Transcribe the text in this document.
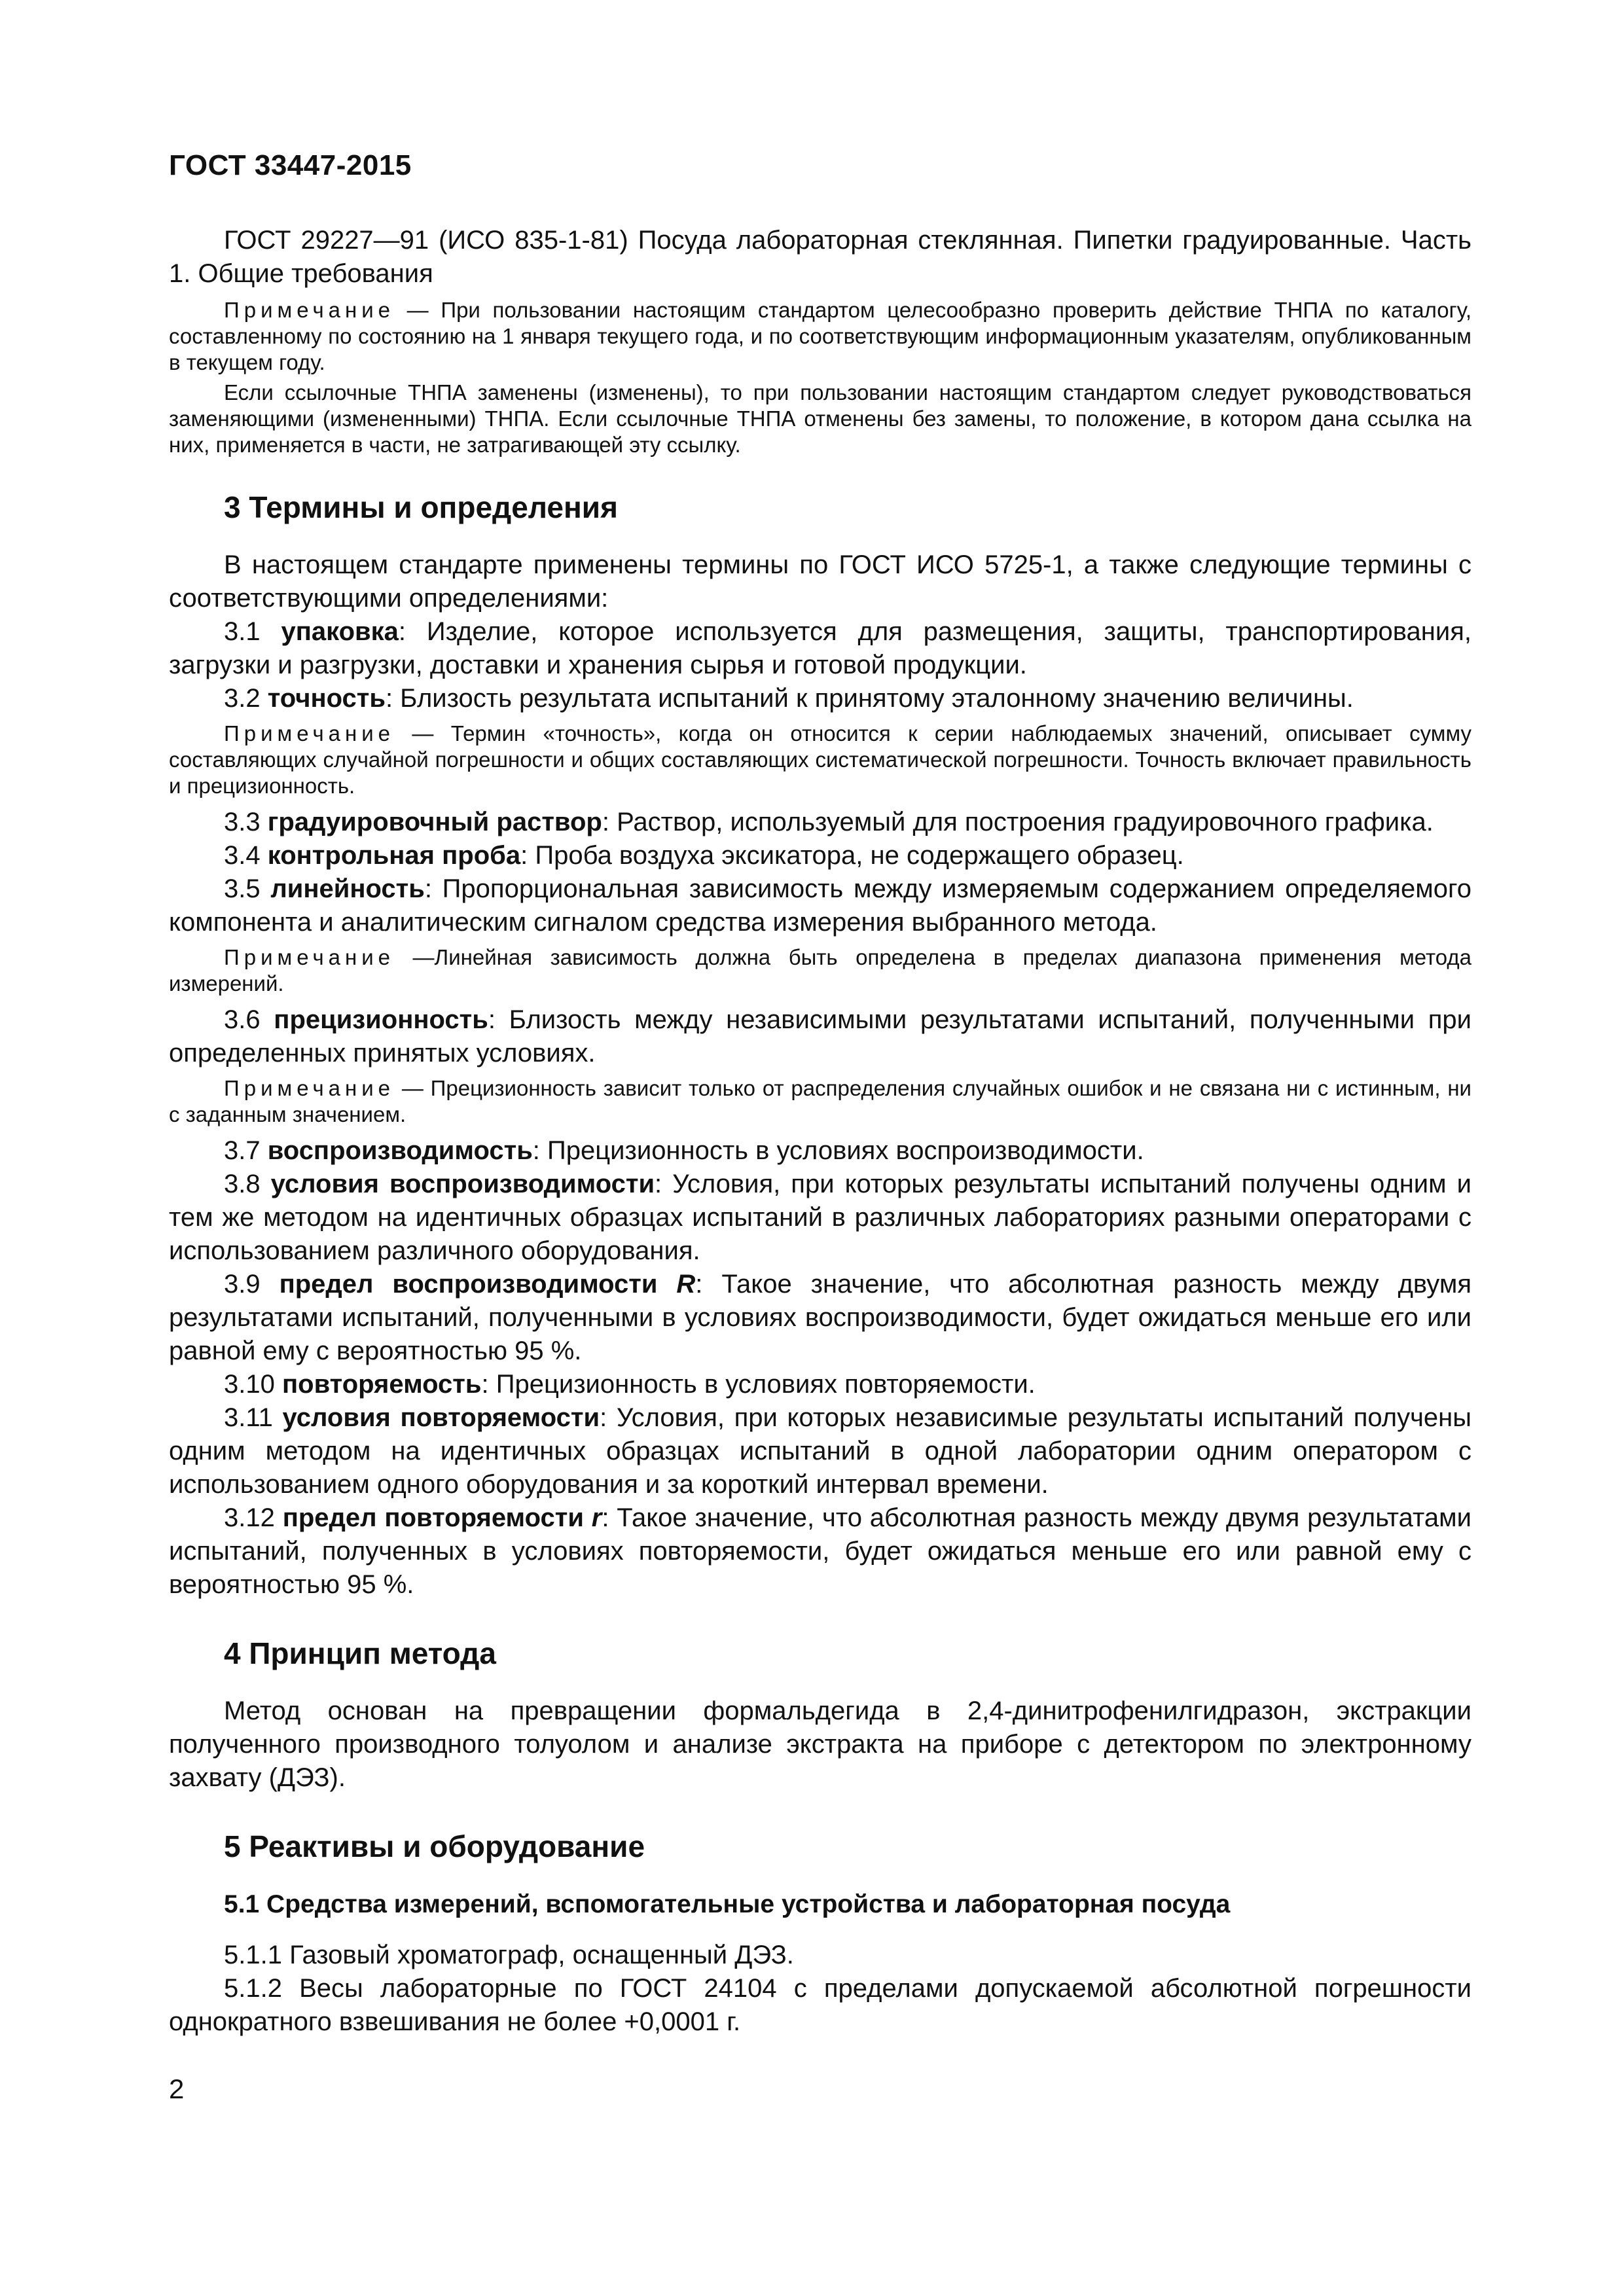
ГОСТ 33447-2015

ГОСТ 29227—91 (ИСО 835-1-81) Посуда лабораторная стеклянная. Пипетки градуированные. Часть 1. Общие требования

Примечание — При пользовании настоящим стандартом целесообразно проверить действие ТНПА по каталогу, составленному по состоянию на 1 января текущего года, и по соответствующим информационным указателям, опубликованным в текущем году.

Если ссылочные ТНПА заменены (изменены), то при пользовании настоящим стандартом следует руководствоваться заменяющими (измененными) ТНПА. Если ссылочные ТНПА отменены без замены, то положение, в котором дана ссылка на них, применяется в части, не затрагивающей эту ссылку.

3 Термины и определения

В настоящем стандарте применены термины по ГОСТ ИСО 5725-1, а также следующие термины с соответствующими определениями:

3.1 упаковка: Изделие, которое используется для размещения, защиты, транспортирования, загрузки и разгрузки, доставки и хранения сырья и готовой продукции.

3.2 точность: Близость результата испытаний к принятому эталонному значению величины.

Примечание — Термин «точность», когда он относится к серии наблюдаемых значений, описывает сумму составляющих случайной погрешности и общих составляющих систематической погрешности. Точность включает правильность и прецизионность.

3.3 градуировочный раствор: Раствор, используемый для построения градуировочного графика.

3.4 контрольная проба: Проба воздуха эксикатора, не содержащего образец.

3.5 линейность: Пропорциональная зависимость между измеряемым содержанием определяемого компонента и аналитическим сигналом средства измерения выбранного метода.

Примечание —Линейная зависимость должна быть определена в пределах диапазона применения метода измерений.

3.6 прецизионность: Близость между независимыми результатами испытаний, полученными при определенных принятых условиях.

Примечание — Прецизионность зависит только от распределения случайных ошибок и не связана ни с истинным, ни с заданным значением.

3.7 воспроизводимость: Прецизионность в условиях воспроизводимости.

3.8 условия воспроизводимости: Условия, при которых результаты испытаний получены одним и тем же методом на идентичных образцах испытаний в различных лабораториях разными операторами с использованием различного оборудования.

3.9 предел воспроизводимости R: Такое значение, что абсолютная разность между двумя результатами испытаний, полученными в условиях воспроизводимости, будет ожидаться меньше его или равной ему с вероятностью 95 %.

3.10 повторяемость: Прецизионность в условиях повторяемости.

3.11 условия повторяемости: Условия, при которых независимые результаты испытаний получены одним методом на идентичных образцах испытаний в одной лаборатории одним оператором с использованием одного оборудования и за короткий интервал времени.

3.12 предел повторяемости r: Такое значение, что абсолютная разность между двумя результатами испытаний, полученных в условиях повторяемости, будет ожидаться меньше его или равной ему с вероятностью 95 %.

4 Принцип метода

Метод основан на превращении формальдегида в 2,4-динитрофенилгидразон, экстракции полученного производного толуолом и анализе экстракта на приборе с детектором по электронному захвату (ДЭЗ).

5 Реактивы и оборудование

5.1 Средства измерений, вспомогательные устройства и лабораторная посуда

5.1.1 Газовый хроматограф, оснащенный ДЭЗ.

5.1.2 Весы лабораторные по ГОСТ 24104 с пределами допускаемой абсолютной погрешности однократного взвешивания не более +0,0001 г.

2
